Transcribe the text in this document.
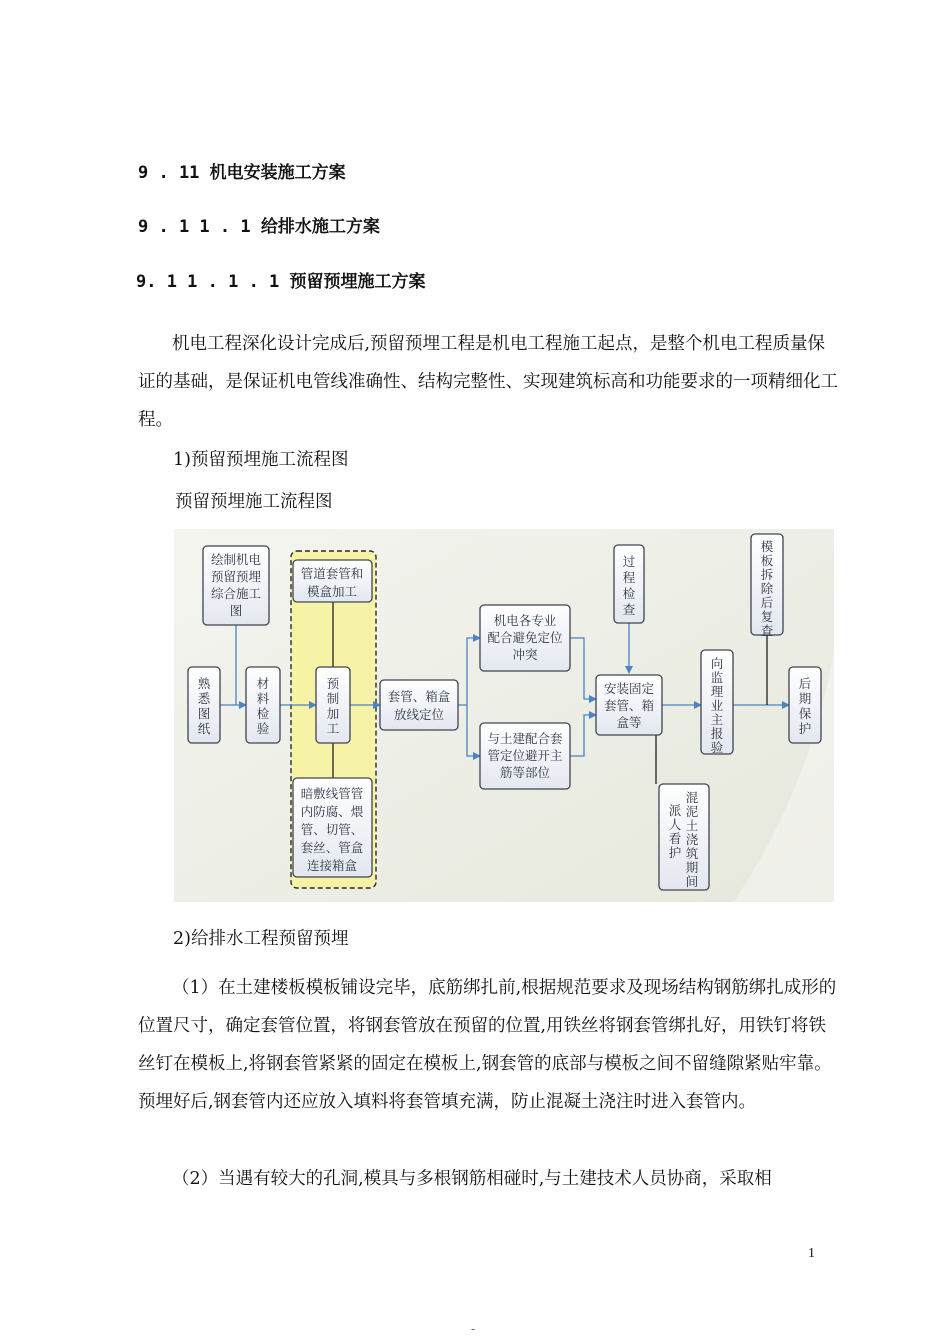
9 . 11 机电安装施工方案
9 . 1 1 . 1 给排水施工方案
9. 1 1 . 1 . 1 预留预埋施工方案

机电工程深化设计完成后,预留预埋工程是机电工程施工起点，是整个机电工程质量保证的基础，是保证机电管线准确性、结构完整性、实现建筑标高和功能要求的一项精细化工程。

1)预留预埋施工流程图
预留预埋施工流程图
熟悉图纸
绘制机电预留预埋综合施工图
材料检验
管道套管和模盒加工
预制加工
暗敷线管管内防腐、煨管、切管、套丝、管盒连接箱盒
套管、箱盒放线定位
机电各专业配合避免定位冲突
与土建配合套管定位避开主筋等部位
过程检查
安装固定套管、箱盒等
混泥土浇筑期间
派人看护
向监理业主报验
模板拆除后复查
后期保护
2)给排水工程预留预埋

（1）在土建楼板模板铺设完毕，底筋绑扎前,根据规范要求及现场结构钢筋绑扎成形的位置尺寸，确定套管位置，将钢套管放在预留的位置,用铁丝将钢套管绑扎好，用铁钉将铁丝钉在模板上,将钢套管紧紧的固定在模板上,钢套管的底部与模板之间不留缝隙紧贴牢靠。预埋好后,钢套管内还应放入填料将套管填充满，防止混凝土浇注时进入套管内。

（2）当遇有较大的孔洞,模具与多根钢筋相碰时,与土建技术人员协商，采取相

1
-
